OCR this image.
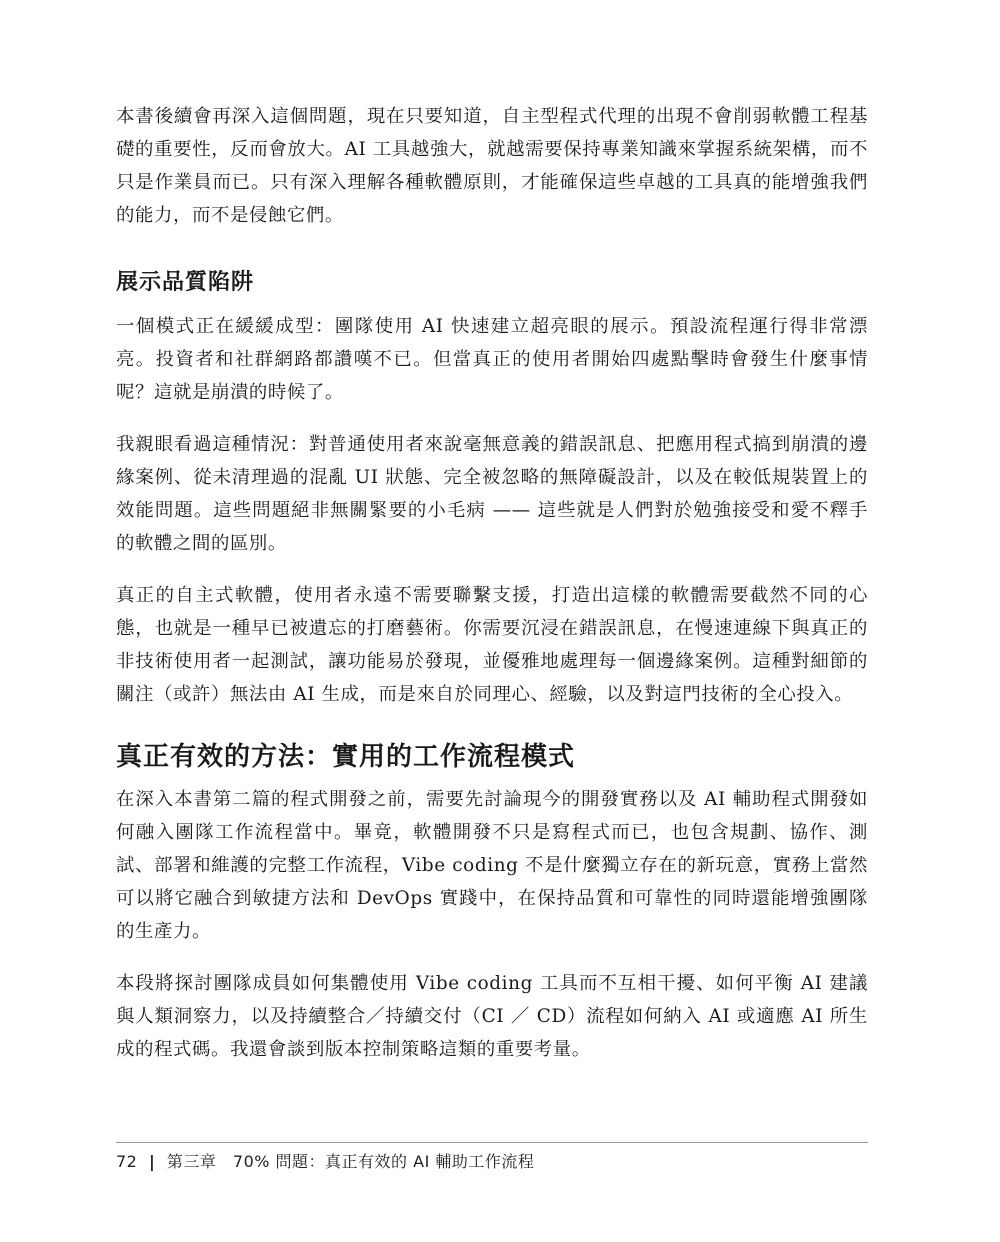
本書後續會再深入這個問題，現在只要知道，自主型程式代理的出現不會削弱軟體工程基礎的重要性，反而會放大。AI 工具越強大，就越需要保持專業知識來掌握系統架構，而不只是作業員而已。只有深入理解各種軟體原則，才能確保這些卓越的工具真的能增強我們的能力，而不是侵蝕它們。

展示品質陷阱

一個模式正在緩緩成型：團隊使用 AI 快速建立超亮眼的展示。預設流程運行得非常漂亮。投資者和社群網路都讚嘆不已。但當真正的使用者開始四處點擊時會發生什麼事情呢？這就是崩潰的時候了。

我親眼看過這種情況：對普通使用者來說毫無意義的錯誤訊息、把應用程式搞到崩潰的邊緣案例、從未清理過的混亂 UI 狀態、完全被忽略的無障礙設計，以及在較低規裝置上的效能問題。這些問題絕非無關緊要的小毛病 —— 這些就是人們對於勉強接受和愛不釋手的軟體之間的區別。

真正的自主式軟體，使用者永遠不需要聯繫支援，打造出這樣的軟體需要截然不同的心態，也就是一種早已被遺忘的打磨藝術。你需要沉浸在錯誤訊息，在慢速連線下與真正的非技術使用者一起測試，讓功能易於發現，並優雅地處理每一個邊緣案例。這種對細節的關注（或許）無法由 AI 生成，而是來自於同理心、經驗，以及對這門技術的全心投入。

真正有效的方法：實用的工作流程模式

在深入本書第二篇的程式開發之前，需要先討論現今的開發實務以及 AI 輔助程式開發如何融入團隊工作流程當中。畢竟，軟體開發不只是寫程式而已，也包含規劃、協作、測試、部署和維護的完整工作流程，Vibe coding 不是什麼獨立存在的新玩意，實務上當然可以將它融合到敏捷方法和 DevOps 實踐中，在保持品質和可靠性的同時還能增強團隊的生產力。

本段將探討團隊成員如何集體使用 Vibe coding 工具而不互相干擾、如何平衡 AI 建議與人類洞察力，以及持續整合／持續交付（CI ／ CD）流程如何納入 AI 或適應 AI 所生成的程式碼。我還會談到版本控制策略這類的重要考量。

72 | 第三章　70% 問題：真正有效的 AI 輔助工作流程
